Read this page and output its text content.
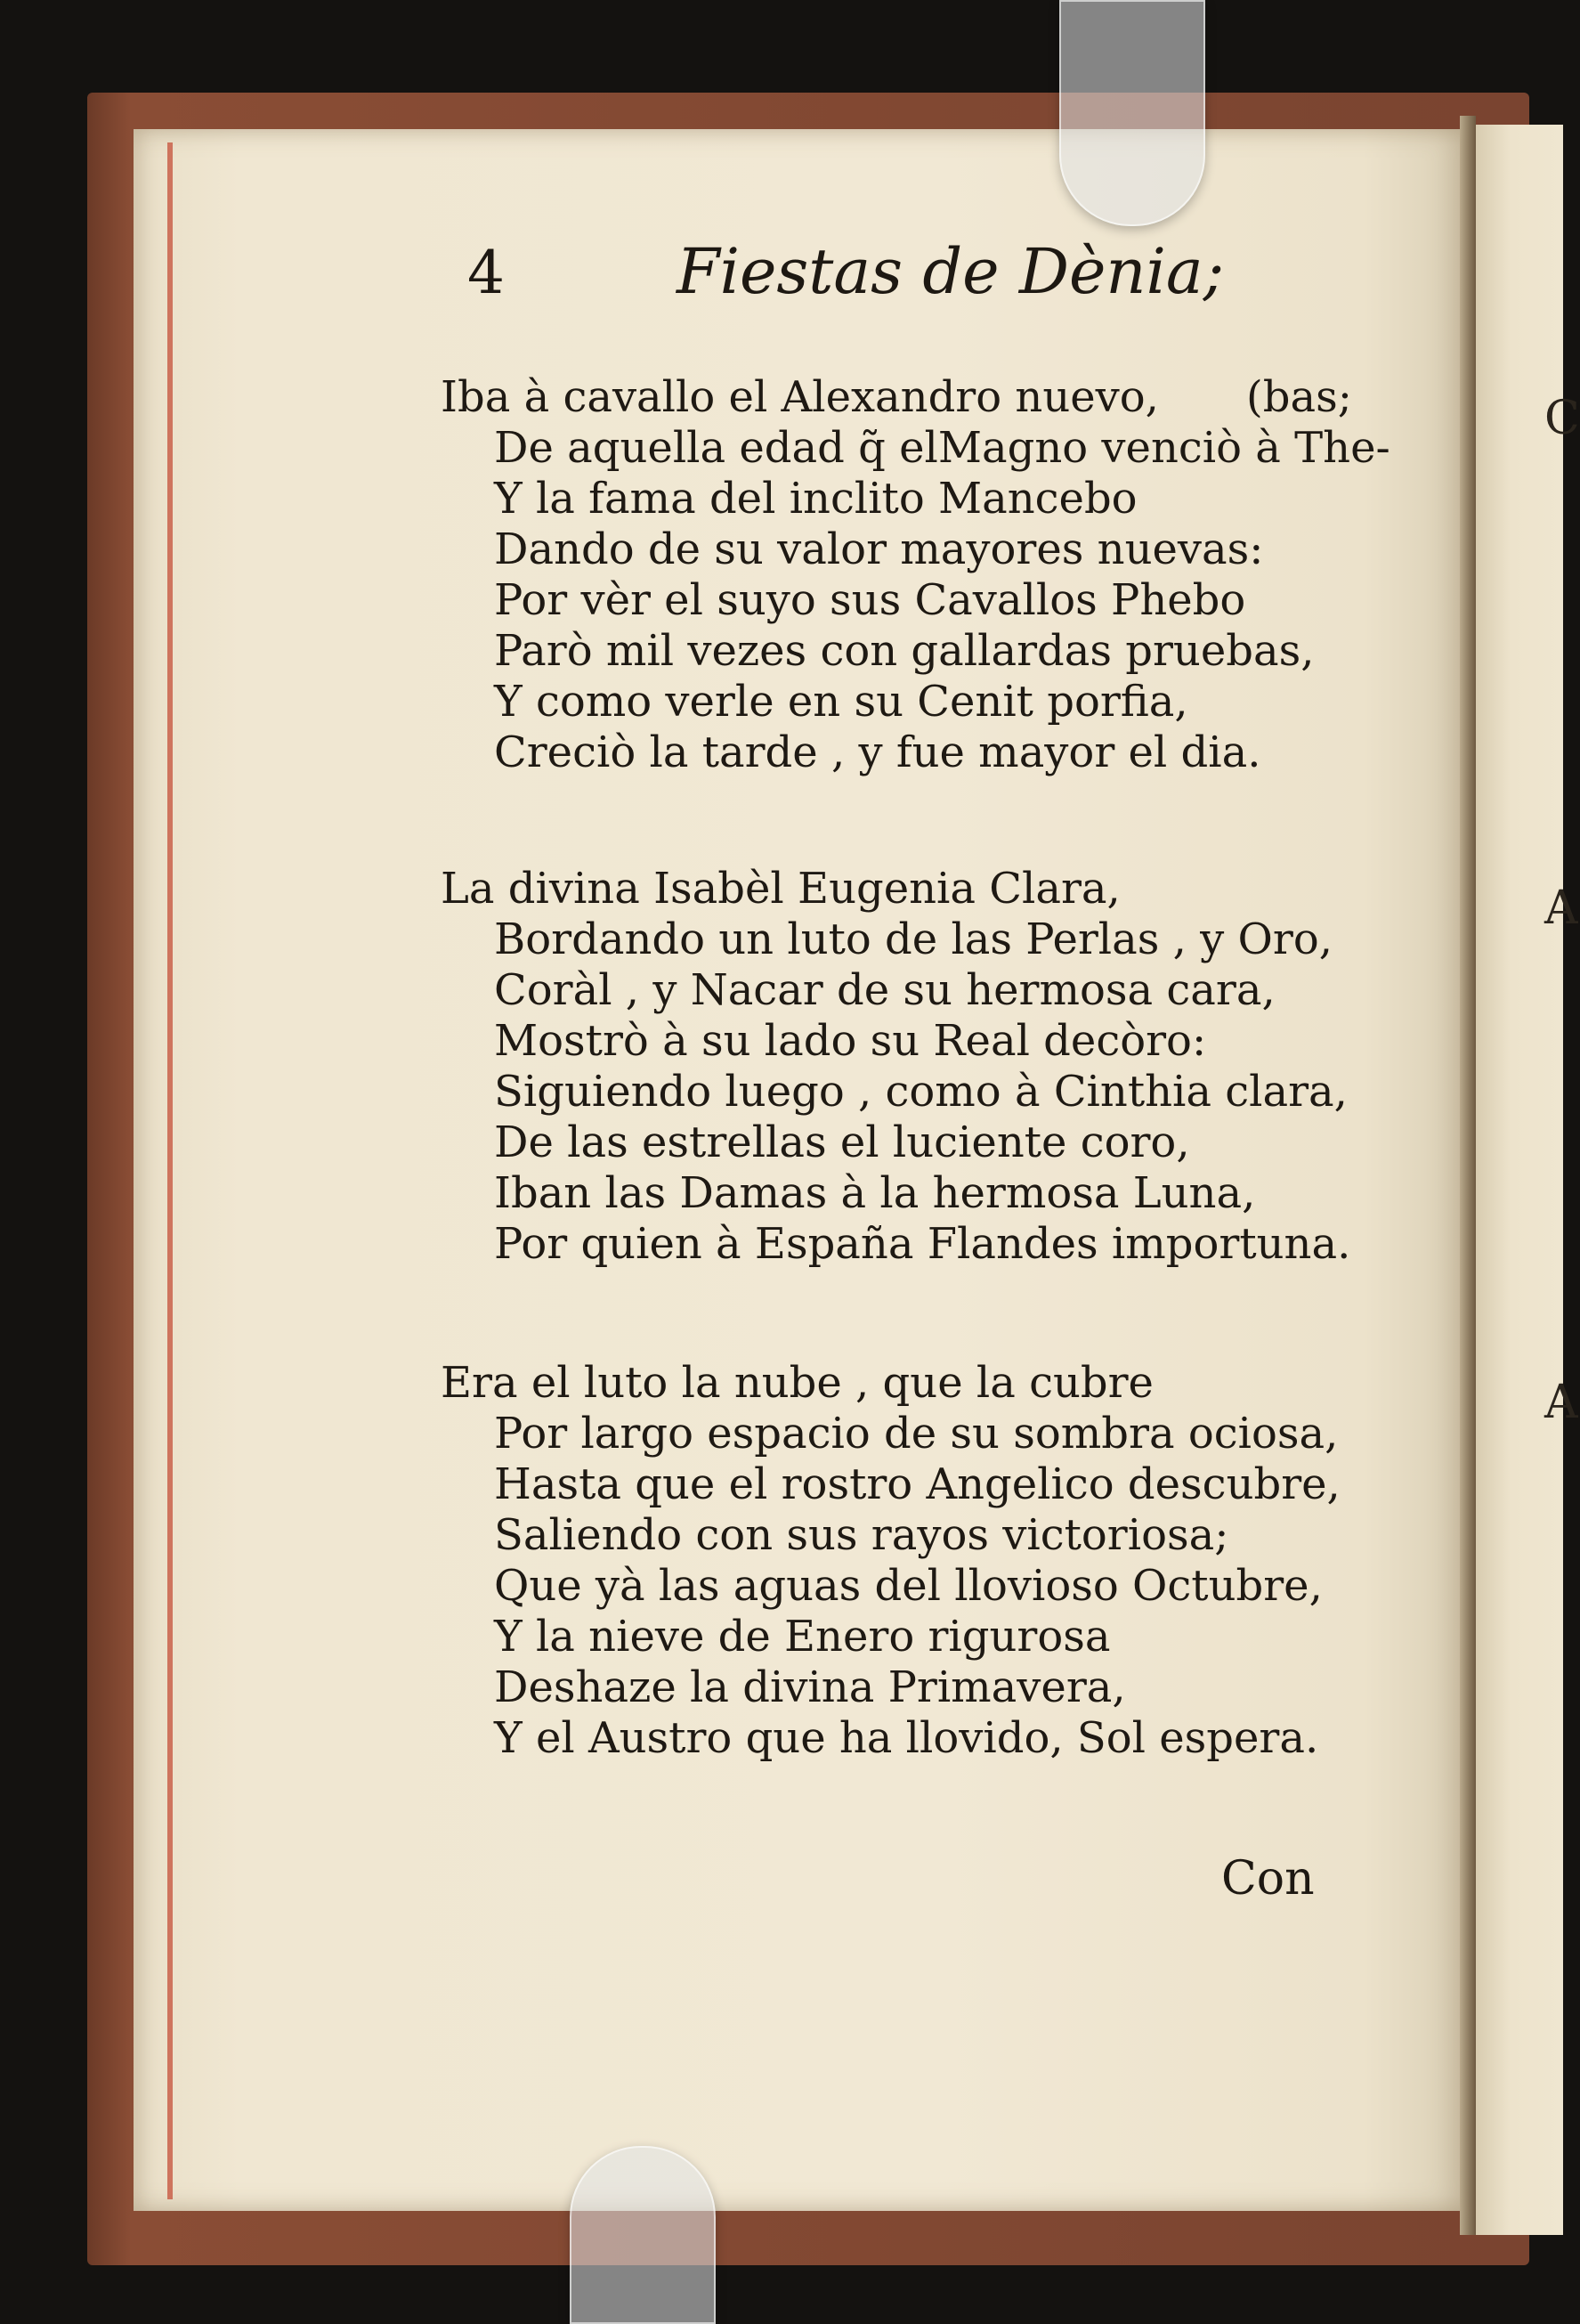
C
A
A
4	Fiestas de Dènia;
Iba à cavallo el Alexandro nuevo,
De aquella edad q̃ elMagno venciò à The-
Y la fama del inclito Mancebo
Dando de su valor mayores nuevas:
Por vèr el suyo sus Cavallos Phebo
Parò mil vezes con gallardas pruebas,
Y como verle en su Cenit porfia,
Creciò la tarde , y fue mayor el dia.
(bas;
La divina Isabèl Eugenia Clara,
Bordando un luto de las Perlas , y Oro,
Coràl , y Nacar de su hermosa cara,
Mostrò à su lado su Real decòro:
Siguiendo luego , como à Cinthia clara,
De las estrellas el luciente coro,
Iban las Damas à la hermosa Luna,
Por quien à España Flandes importuna.
Era el luto la nube , que la cubre
Por largo espacio de su sombra ociosa,
Hasta que el rostro Angelico descubre,
Saliendo con sus rayos victoriosa;
Que yà las aguas del llovioso Octubre,
Y la nieve de Enero rigurosa
Deshaze la divina Primavera,
Y el Austro que ha llovido, Sol espera.
Con
